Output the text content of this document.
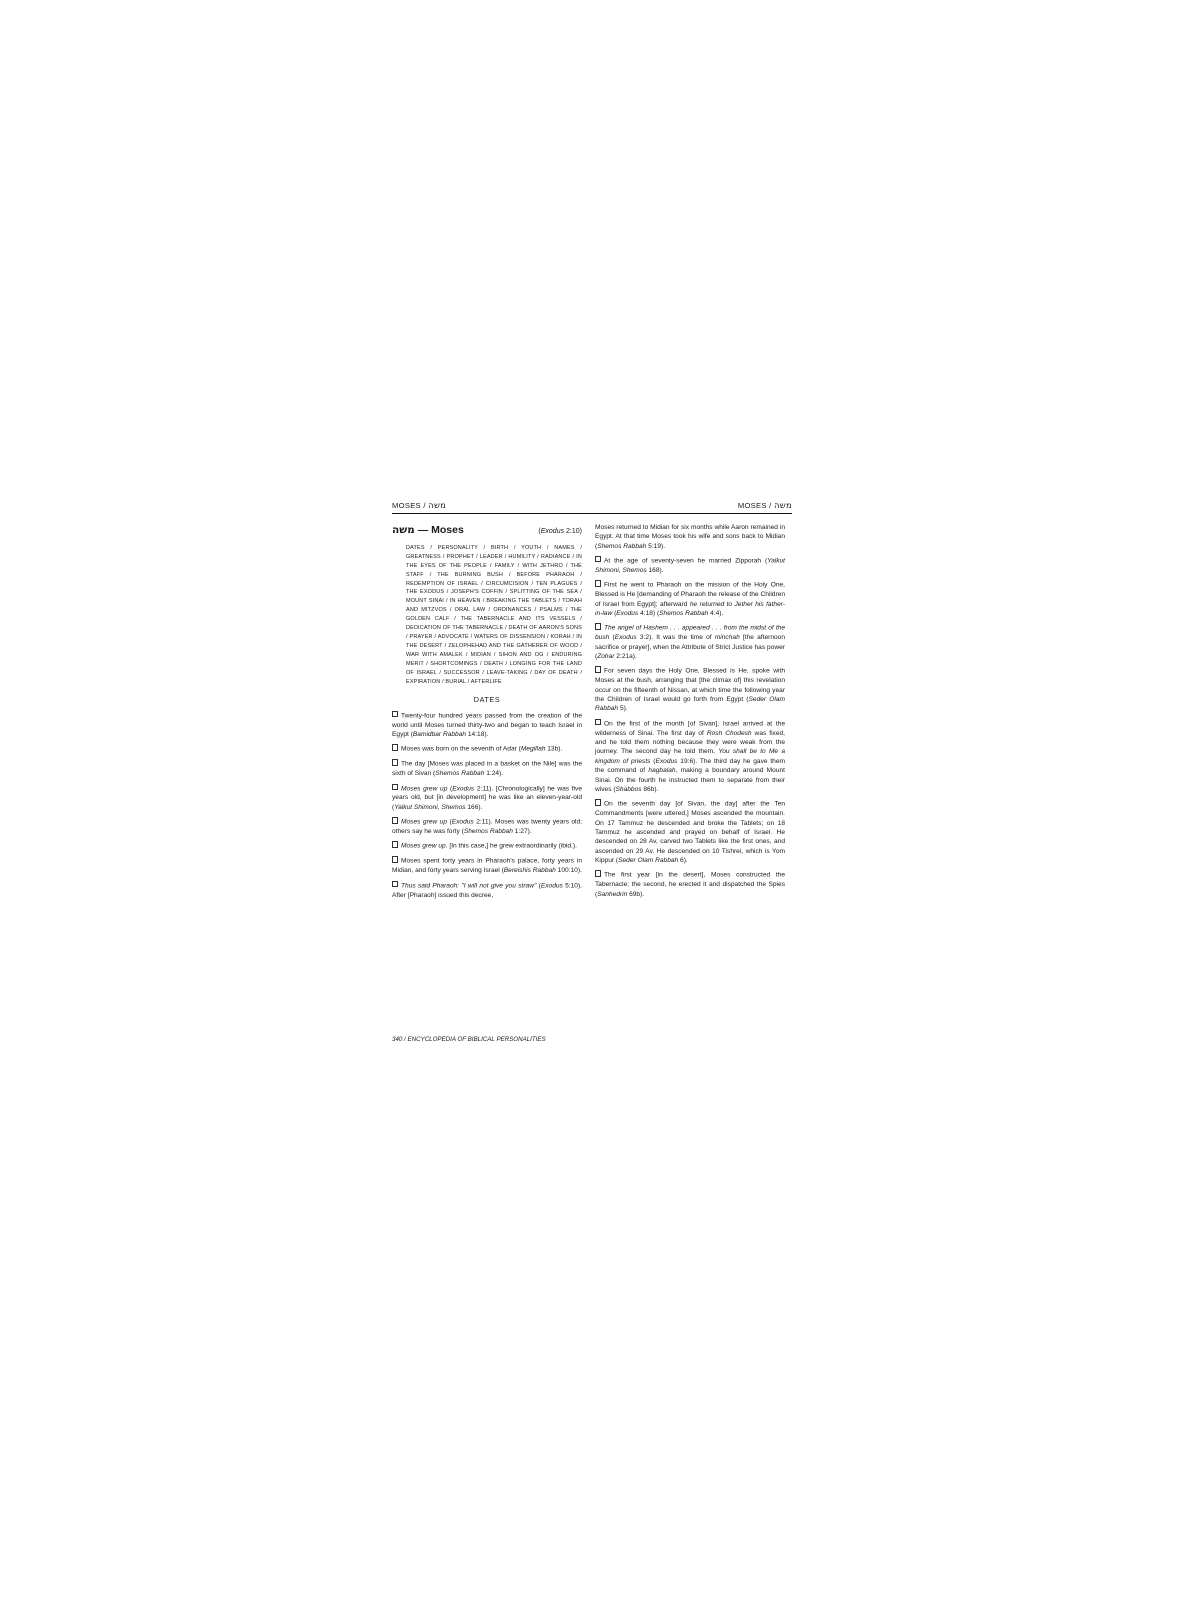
MOSES / משה	MOSES / משה
משה — Moses	(Exodus 2:10)
DATES / PERSONALITY / BIRTH / YOUTH / NAMES / GREATNESS / PROPHET / LEADER / HUMILITY / RADIANCE / IN THE EYES OF THE PEOPLE / FAMILY / WITH JETHRO / THE STAFF / THE BURNING BUSH / BEFORE PHARAOH / REDEMPTION OF ISRAEL / CIRCUMCISION / TEN PLAGUES / THE EXODUS / JOSEPH'S COFFIN / SPLITTING OF THE SEA / MOUNT SINAI / IN HEAVEN / BREAKING THE TABLETS / TORAH AND MITZVOS / ORAL LAW / ORDINANCES / PSALMS / THE GOLDEN CALF / THE TABERNACLE AND ITS VESSELS / DEDICATION OF THE TABERNACLE / DEATH OF AARON'S SONS / PRAYER / ADVOCATE / WATERS OF DISSENSION / KORAH / IN THE DESERT / ZELOPHEHAD AND THE GATHERER OF WOOD / WAR WITH AMALEK / MIDIAN / SIHON AND OG / ENDURING MERIT / SHORTCOMINGS / DEATH / LONGING FOR THE LAND OF ISRAEL / SUCCESSOR / LEAVE-TAKING / DAY OF DEATH / EXPIRATION / BURIAL / AFTERLIFE
DATES

Twenty-four hundred years passed from the creation of the world until Moses turned thirty-two and began to teach Israel in Egypt (Bamidbar Rabbah 14:18).

Moses was born on the seventh of Adar (Megillah 13b).

The day [Moses was placed in a basket on the Nile] was the sixth of Sivan (Shemos Rabbah 1:24).

Moses grew up (Exodus 2:11). [Chronologically] he was five years old, but [in development] he was like an eleven-year-old (Yalkut Shimoni, Shemos 166).

Moses grew up (Exodus 2:11). Moses was twenty years old; others say he was forty (Shemos Rabbah 1:27).

Moses grew up. [In this case,] he grew extraordinarily (ibid.).

Moses spent forty years in Pharaoh's palace, forty years in Midian, and forty years serving Israel (Bereishis Rabbah 100:10).

Thus said Pharaoh: "I will not give you straw" (Exodus 5:10). After [Pharaoh] issued this decree,

Moses returned to Midian for six months while Aaron remained in Egypt. At that time Moses took his wife and sons back to Midian (Shemos Rabbah 5:19).

At the age of seventy-seven he married Zipporah (Yalkut Shimoni, Shemos 168).

First he went to Pharaoh on the mission of the Holy One, Blessed is He [demanding of Pharaoh the release of the Children of Israel from Egypt]; afterward he returned to Jether his father-in-law (Exodus 4:18) (Shemos Rabbah 4:4).

The angel of Hashem . . . appeared . . . from the midst of the bush (Exodus 3:2). It was the time of minchah [the afternoon sacrifice or prayer], when the Attribute of Strict Justice has power (Zohar 2:21a).

For seven days the Holy One, Blessed is He, spoke with Moses at the bush, arranging that [the climax of] this revelation occur on the fifteenth of Nissan, at which time the following year the Children of Israel would go forth from Egypt (Seder Olam Rabbah 5).

On the first of the month [of Sivan], Israel arrived at the wilderness of Sinai. The first day of Rosh Chodesh was fixed, and he told them nothing because they were weak from the journey. The second day he told them, You shall be to Me a kingdom of priests (Exodus 19:6). The third day he gave them the command of hagbalah, making a boundary around Mount Sinai. On the fourth he instructed them to separate from their wives (Shabbos 86b).

On the seventh day [of Sivan, the day] after the Ten Commandments [were uttered,] Moses ascended the mountain. On 17 Tammuz he descended and broke the Tablets; on 18 Tammuz he ascended and prayed on behalf of Israel. He descended on 28 Av, carved two Tablets like the first ones, and ascended on 29 Av. He descended on 10 Tishrei, which is Yom Kippur (Seder Olam Rabbah 6).

The first year [in the desert], Moses constructed the Tabernacle; the second, he erected it and dispatched the Spies (Sanhedrin 69b).

340 / ENCYCLOPEDIA OF BIBLICAL PERSONALITIES
